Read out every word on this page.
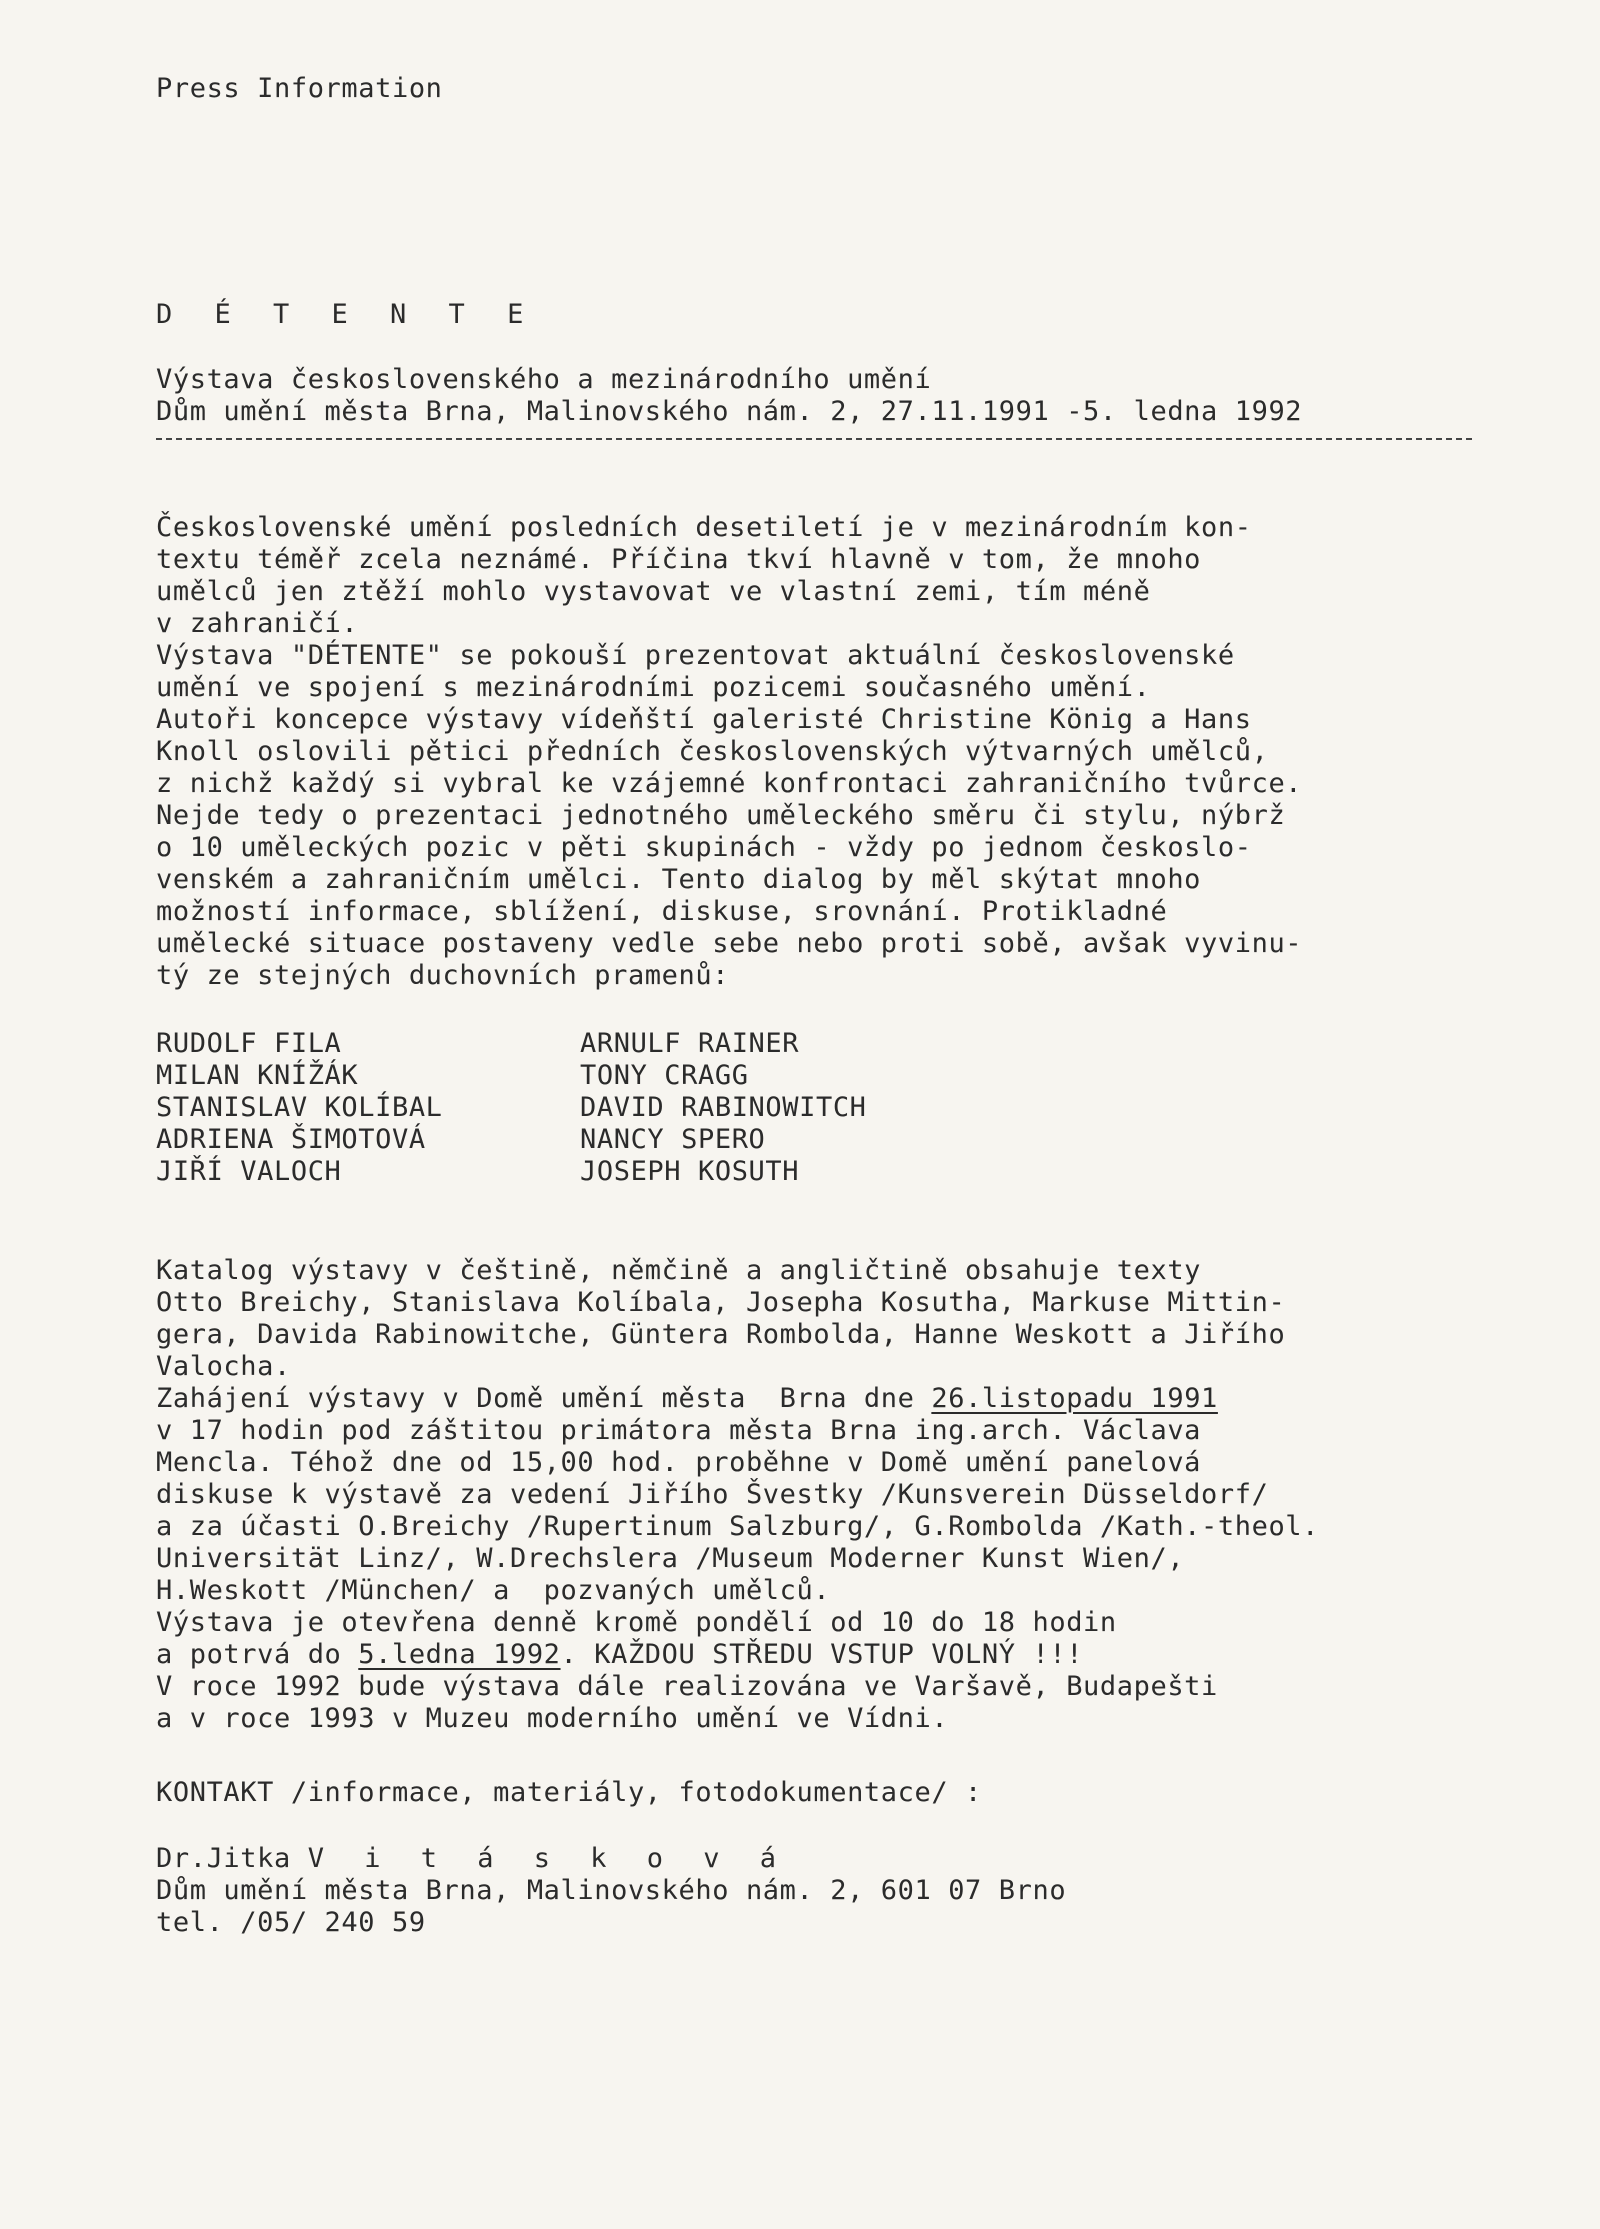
Press Information
D É T E N T E
Výstava československého a mezinárodního umění
Dům umění města Brna, Malinovského nám. 2, 27.11.1991 -5. ledna 1992
Československé umění posledních desetiletí je v mezinárodním kon-
textu téměř zcela neznámé. Příčina tkví hlavně v tom, že mnoho
umělců jen ztěží mohlo vystavovat ve vlastní zemi, tím méně
v zahraničí.
Výstava "DÉTENTE" se pokouší prezentovat aktuální československé
umění ve spojení s mezinárodními pozicemi současného umění.
Autoři koncepce výstavy vídeňští galeristé Christine König a Hans
Knoll oslovili pětici předních československých výtvarných umělců,
z nichž každý si vybral ke vzájemné konfrontaci zahraničního tvůrce.
Nejde tedy o prezentaci jednotného uměleckého směru či stylu, nýbrž
o 10 uměleckých pozic v pěti skupinách - vždy po jednom českoslo-
venském a zahraničním umělci. Tento dialog by měl skýtat mnoho
možností informace, sblížení, diskuse, srovnání. Protikladné
umělecké situace postaveny vedle sebe nebo proti sobě, avšak vyvinu-
tý ze stejných duchovních pramenů:
RUDOLF FILA
MILAN KNÍŽÁK
STANISLAV KOLÍBAL
ADRIENA ŠIMOTOVÁ
JIŘÍ VALOCH
ARNULF RAINER
TONY CRAGG
DAVID RABINOWITCH
NANCY SPERO
JOSEPH KOSUTH
Katalog výstavy v češtině, němčině a angličtině obsahuje texty
Otto Breichy, Stanislava Kolíbala, Josepha Kosutha, Markuse Mittin-
gera, Davida Rabinowitche, Güntera Rombolda, Hanne Weskott a Jiřího
Valocha.
Zahájení výstavy v Domě umění města  Brna dne 26.listopadu 1991
v 17 hodin pod záštitou primátora města Brna ing.arch. Václava
Mencla. Téhož dne od 15,00 hod. proběhne v Domě umění panelová
diskuse k výstavě za vedení Jiřího Švestky /Kunsverein Düsseldorf/
a za účasti O.Breichy /Rupertinum Salzburg/, G.Rombolda /Kath.-theol.
Universität Linz/, W.Drechslera /Museum Moderner Kunst Wien/,
H.Weskott /München/ a  pozvaných umělců.
Výstava je otevřena denně kromě pondělí od 10 do 18 hodin
a potrvá do 5.ledna 1992. KAŽDOU STŘEDU VSTUP VOLNÝ !!!
V roce 1992 bude výstava dále realizována ve Varšavě, Budapešti
a v roce 1993 v Muzeu moderního umění ve Vídni.
KONTAKT /informace, materiály, fotodokumentace/ :
Dr.Jitka V i t á s k o v á
Dům umění města Brna, Malinovského nám. 2, 601 07 Brno
tel. /05/ 240 59
